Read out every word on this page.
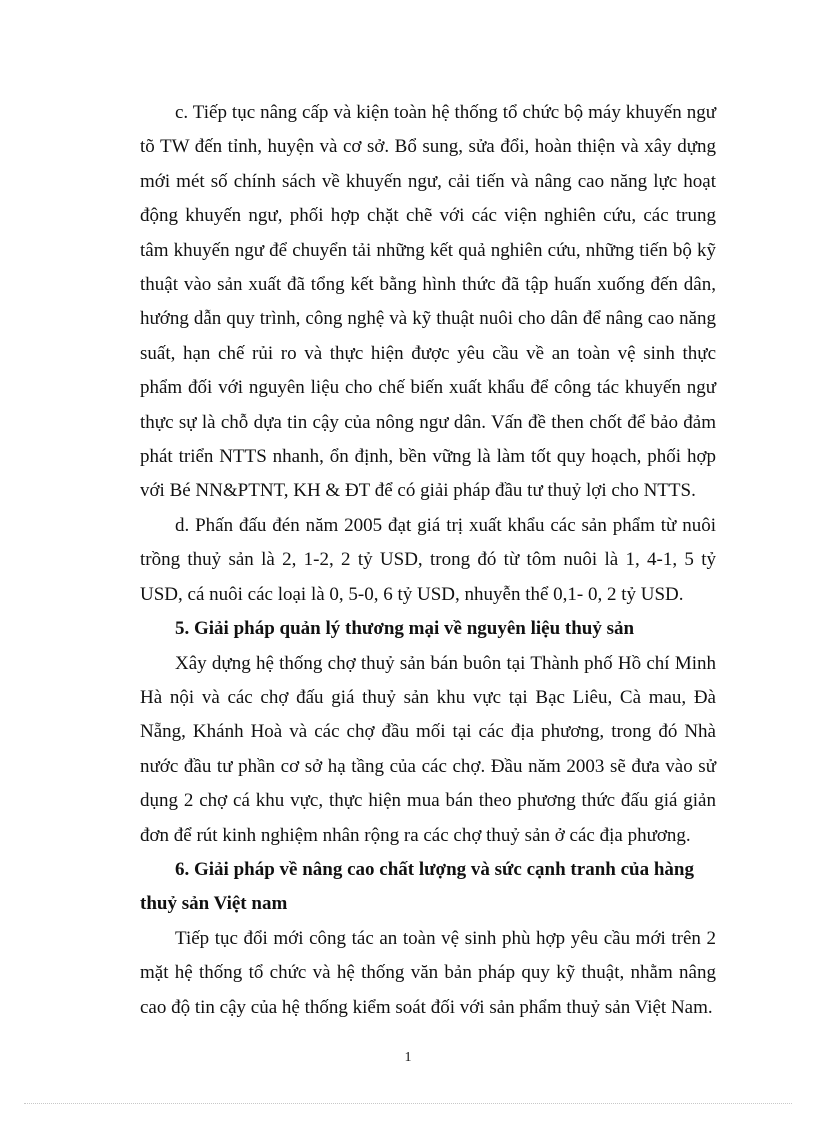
c. Tiếp tục nâng cấp và kiện toàn hệ thống tổ chức bộ máy khuyến ngư tõ TW đến tỉnh, huyện và cơ sở. Bổ sung, sửa đổi, hoàn thiện và xây dựng mới mét số chính sách về khuyến ngư, cải tiến và nâng cao năng lực hoạt động khuyến ngư, phối hợp chặt chẽ với các viện nghiên cứu, các trung tâm khuyến ngư để chuyển tải những kết quả nghiên cứu, những tiến bộ kỹ thuật vào sản xuất đã tổng kết bằng hình thức đã tập huấn xuống đến dân, hướng dẫn quy trình, công nghệ và kỹ thuật nuôi cho dân để nâng cao năng suất, hạn chế rủi ro và thực hiện được yêu cầu về an toàn vệ sinh thực phẩm đối với nguyên liệu cho chế biến xuất khẩu để công tác khuyến ngư thực sự là chỗ dựa tin cậy của nông ngư dân. Vấn đề then chốt để bảo đảm phát triển NTTS nhanh, ổn định, bền vững là làm tốt quy hoạch, phối hợp với Bé NN&PTNT, KH & ĐT để có giải pháp đầu tư thuỷ lợi cho NTTS.

d. Phấn đấu đén năm 2005 đạt giá trị xuất khẩu các sản phẩm từ nuôi trồng thuỷ sản là 2, 1-2, 2 tỷ USD, trong đó từ tôm nuôi là 1, 4-1, 5 tỷ USD, cá nuôi các loại là 0, 5-0, 6 tỷ USD, nhuyễn thể 0,1- 0, 2 tỷ USD.

5. Giải pháp quản lý thương mại về nguyên liệu thuỷ sản

Xây dựng hệ thống chợ thuỷ sản bán buôn tại Thành phố Hồ chí Minh Hà nội và các chợ đấu giá thuỷ sản khu vực tại Bạc Liêu, Cà mau, Đà Nẵng, Khánh Hoà và các chợ đầu mối tại các địa phương, trong đó Nhà nước đầu tư phần cơ sở hạ tầng của các chợ. Đầu năm 2003 sẽ đưa vào sử dụng 2 chợ cá khu vực, thực hiện mua bán theo phương thức đấu giá giản đơn để rút kinh nghiệm nhân rộng ra các chợ thuỷ sản ở các địa phương.

6. Giải pháp về nâng cao chất lượng và sức cạnh tranh của hàng thuỷ sản Việt nam

Tiếp tục đổi mới công tác an toàn vệ sinh phù hợp yêu cầu mới trên 2 mặt hệ thống tổ chức và hệ thống văn bản pháp quy kỹ thuật, nhằm nâng cao độ tin cậy của hệ thống kiểm soát đối với sản phẩm thuỷ sản Việt Nam.

1
